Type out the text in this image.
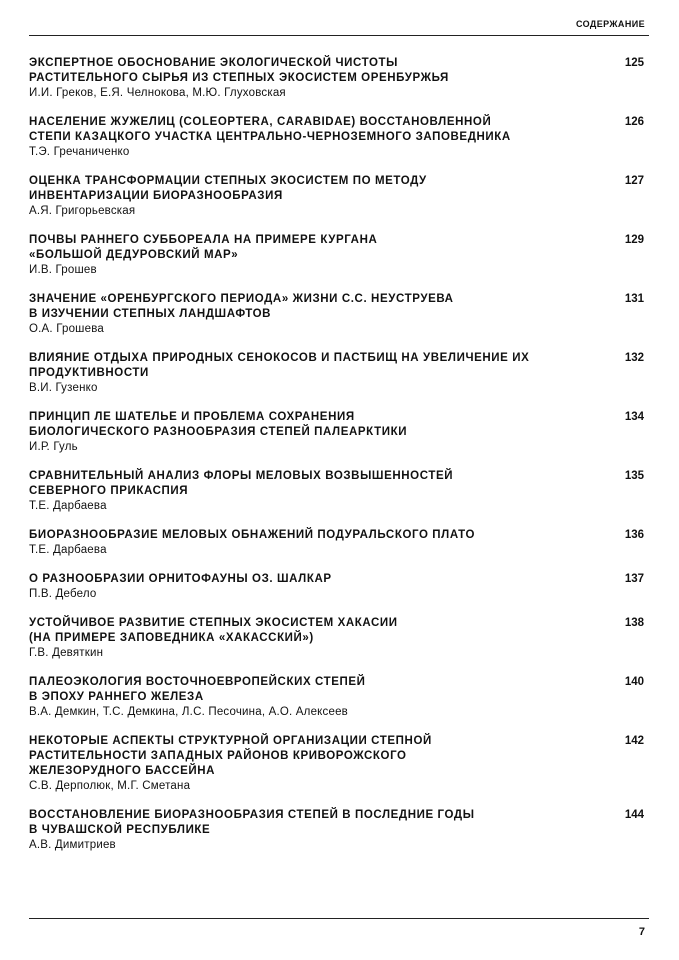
СОДЕРЖАНИЕ
ЭКСПЕРТНОЕ ОБОСНОВАНИЕ ЭКОЛОГИЧЕСКОЙ ЧИСТОТЫ
РАСТИТЕЛЬНОГО СЫРЬЯ ИЗ СТЕПНЫХ ЭКОСИСТЕМ ОРЕНБУРЖЬЯ
И.И. Греков, Е.Я. Челнокова, М.Ю. Глуховская
125
НАСЕЛЕНИЕ ЖУЖЕЛИЦ (COLEOPTERA, CARABIDAE) ВОССТАНОВЛЕННОЙ
СТЕПИ КАЗАЦКОГО УЧАСТКА ЦЕНТРАЛЬНО-ЧЕРНОЗЕМНОГО ЗАПОВЕДНИКА
Т.Э. Гречаниченко
126
ОЦЕНКА ТРАНСФОРМАЦИИ СТЕПНЫХ ЭКОСИСТЕМ ПО МЕТОДУ
ИНВЕНТАРИЗАЦИИ БИОРАЗНООБРАЗИЯ
А.Я. Григорьевская
127
ПОЧВЫ РАННЕГО СУББОРЕАЛА НА ПРИМЕРЕ КУРГАНА
«БОЛЬШОЙ ДЕДУРОВСКИЙ МАР»
И.В. Грошев
129
ЗНАЧЕНИЕ «ОРЕНБУРГСКОГО ПЕРИОДА» ЖИЗНИ С.С. НЕУСТРУЕВА
В ИЗУЧЕНИИ СТЕПНЫХ ЛАНДШАФТОВ
О.А. Грошева
131
ВЛИЯНИЕ ОТДЫХА ПРИРОДНЫХ СЕНОКОСОВ И ПАСТБИЩ НА УВЕЛИЧЕНИЕ ИХ
ПРОДУКТИВНОСТИ
В.И. Гузенко
132
ПРИНЦИП ЛЕ ШАТЕЛЬЕ И ПРОБЛЕМА СОХРАНЕНИЯ
БИОЛОГИЧЕСКОГО РАЗНООБРАЗИЯ СТЕПЕЙ ПАЛЕАРКТИКИ
И.Р. Гуль
134
СРАВНИТЕЛЬНЫЙ АНАЛИЗ ФЛОРЫ МЕЛОВЫХ ВОЗВЫШЕННОСТЕЙ
СЕВЕРНОГО ПРИКАСПИЯ
Т.Е. Дарбаева
135
БИОРАЗНООБРАЗИЕ МЕЛОВЫХ ОБНАЖЕНИЙ ПОДУРАЛЬСКОГО ПЛАТО
Т.Е. Дарбаева
136
О РАЗНООБРАЗИИ ОРНИТОФАУНЫ ОЗ. ШАЛКАР
П.В. Дебело
137
УСТОЙЧИВОЕ РАЗВИТИЕ СТЕПНЫХ ЭКОСИСТЕМ ХАКАСИИ
(НА ПРИМЕРЕ ЗАПОВЕДНИКА «ХАКАССКИЙ»)
Г.В. Девяткин
138
ПАЛЕОЭКОЛОГИЯ ВОСТОЧНОЕВРОПЕЙСКИХ СТЕПЕЙ
В ЭПОХУ РАННЕГО ЖЕЛЕЗА
В.А. Демкин, Т.С. Демкина, Л.С. Песочина, А.О. Алексеев
140
НЕКОТОРЫЕ АСПЕКТЫ СТРУКТУРНОЙ ОРГАНИЗАЦИИ СТЕПНОЙ
РАСТИТЕЛЬНОСТИ ЗАПАДНЫХ РАЙОНОВ КРИВОРОЖСКОГО
ЖЕЛЕЗОРУДНОГО БАССЕЙНА
С.В. Дерполюк, М.Г. Сметана
142
ВОССТАНОВЛЕНИЕ БИОРАЗНООБРАЗИЯ СТЕПЕЙ В ПОСЛЕДНИЕ ГОДЫ
В ЧУВАШСКОЙ РЕСПУБЛИКЕ
А.В. Димитриев
144
7
